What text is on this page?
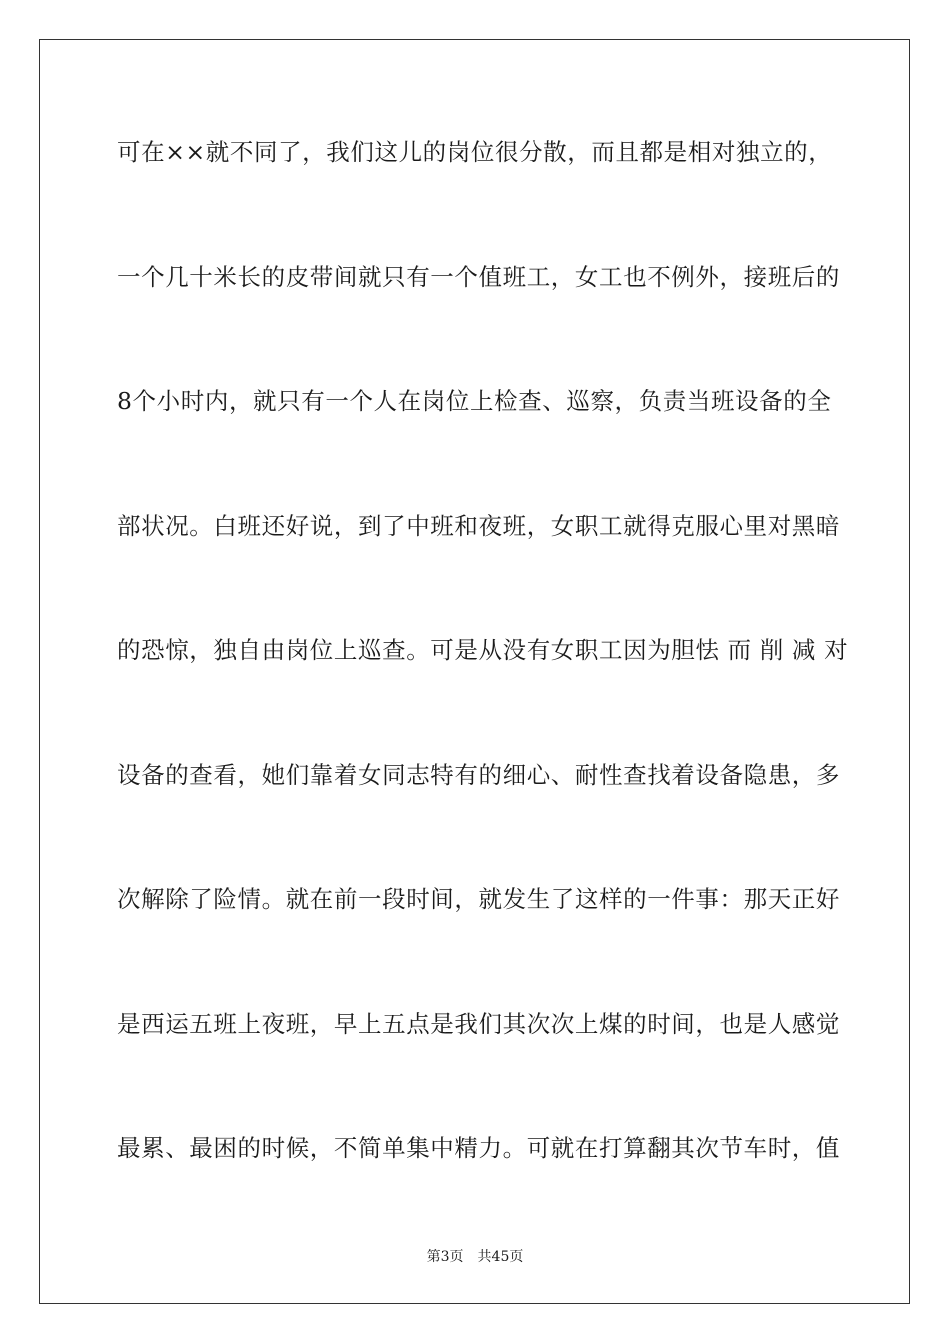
可在××就不同了，我们这儿的岗位很分散，而且都是相对独立的，
一个几十米长的皮带间就只有一个值班工，女工也不例外，接班后的
8个小时内，就只有一个人在岗位上检查、巡察，负责当班设备的全
部状况。白班还好说，到了中班和夜班，女职工就得克服心里对黑暗
的恐惊，独自由岗位上巡查。可是从没有女职工因为胆怯 而 削 减 对
设备的查看，她们靠着女同志特有的细心、耐性查找着设备隐患，多
次解除了险情。就在前一段时间，就发生了这样的一件事：那天正好
是西运五班上夜班，早上五点是我们其次次上煤的时间，也是人感觉
最累、最困的时候，不简单集中精力。可就在打算翻其次节车时，值
第3页 共45页
